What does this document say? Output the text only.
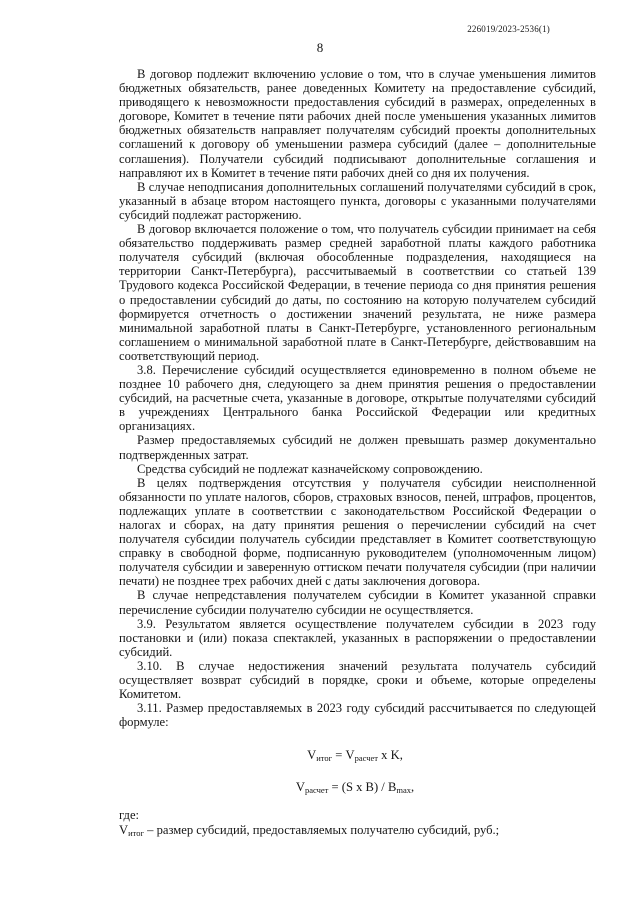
226019/2023-2536(1)
8

В договор подлежит включению условие о том, что в случае уменьшения лимитов бюджетных обязательств, ранее доведенных Комитету на предоставление субсидий, приводящего к невозможности предоставления субсидий в размерах, определенных в договоре, Комитет в течение пяти рабочих дней после уменьшения указанных лимитов бюджетных обязательств направляет получателям субсидий проекты дополнительных соглашений к договору об уменьшении размера субсидий (далее – дополнительные соглашения). Получатели субсидий подписывают дополнительные соглашения и направляют их в Комитет в течение пяти рабочих дней со дня их получения.

В случае неподписания дополнительных соглашений получателями субсидий в срок, указанный в абзаце втором настоящего пункта, договоры с указанными получателями субсидий подлежат расторжению.

В договор включается положение о том, что получатель субсидии принимает на себя обязательство поддерживать размер средней заработной платы каждого работника получателя субсидий (включая обособленные подразделения, находящиеся на территории Санкт-Петербурга), рассчитываемый в соответствии со статьей 139 Трудового кодекса Российской Федерации, в течение периода со дня принятия решения о предоставлении субсидий до даты, по состоянию на которую получателем субсидий формируется отчетность о достижении значений результата, не ниже размера минимальной заработной платы в Санкт-Петербурге, установленного региональным соглашением о минимальной заработной плате в Санкт-Петербурге, действовавшим на соответствующий период.

3.8. Перечисление субсидий осуществляется единовременно в полном объеме не позднее 10 рабочего дня, следующего за днем принятия решения о предоставлении субсидий, на расчетные счета, указанные в договоре, открытые получателями субсидий в учреждениях Центрального банка Российской Федерации или кредитных организациях.

Размер предоставляемых субсидий не должен превышать размер документально подтвержденных затрат.

Средства субсидий не подлежат казначейскому сопровождению.

В целях подтверждения отсутствия у получателя субсидии неисполненной обязанности по уплате налогов, сборов, страховых взносов, пеней, штрафов, процентов, подлежащих уплате в соответствии с законодательством Российской Федерации о налогах и сборах, на дату принятия решения о перечислении субсидий на счет получателя субсидии получатель субсидии представляет в Комитет соответствующую справку в свободной форме, подписанную руководителем (уполномоченным лицом) получателя субсидии и заверенную оттиском печати получателя субсидии (при наличии печати) не позднее трех рабочих дней с даты заключения договора.

В случае непредставления получателем субсидии в Комитет указанной справки перечисление субсидии получателю субсидии не осуществляется.

3.9. Результатом является осуществление получателем субсидии в 2023 году постановки и (или) показа спектаклей, указанных в распоряжении о предоставлении субсидий.

3.10. В случае недостижения значений результата получатель субсидий осуществляет возврат субсидий в порядке, сроки и объеме, которые определены Комитетом.

3.11. Размер предоставляемых в 2023 году субсидий рассчитывается по следующей формуле:

$V_{итог} = V_{расчет}$ х K,
$V_{расчет} = (S$ х $B) / B_{max}$,
где:
$V_{итог}$ – размер субсидий, предоставляемых получателю субсидий, руб.;
